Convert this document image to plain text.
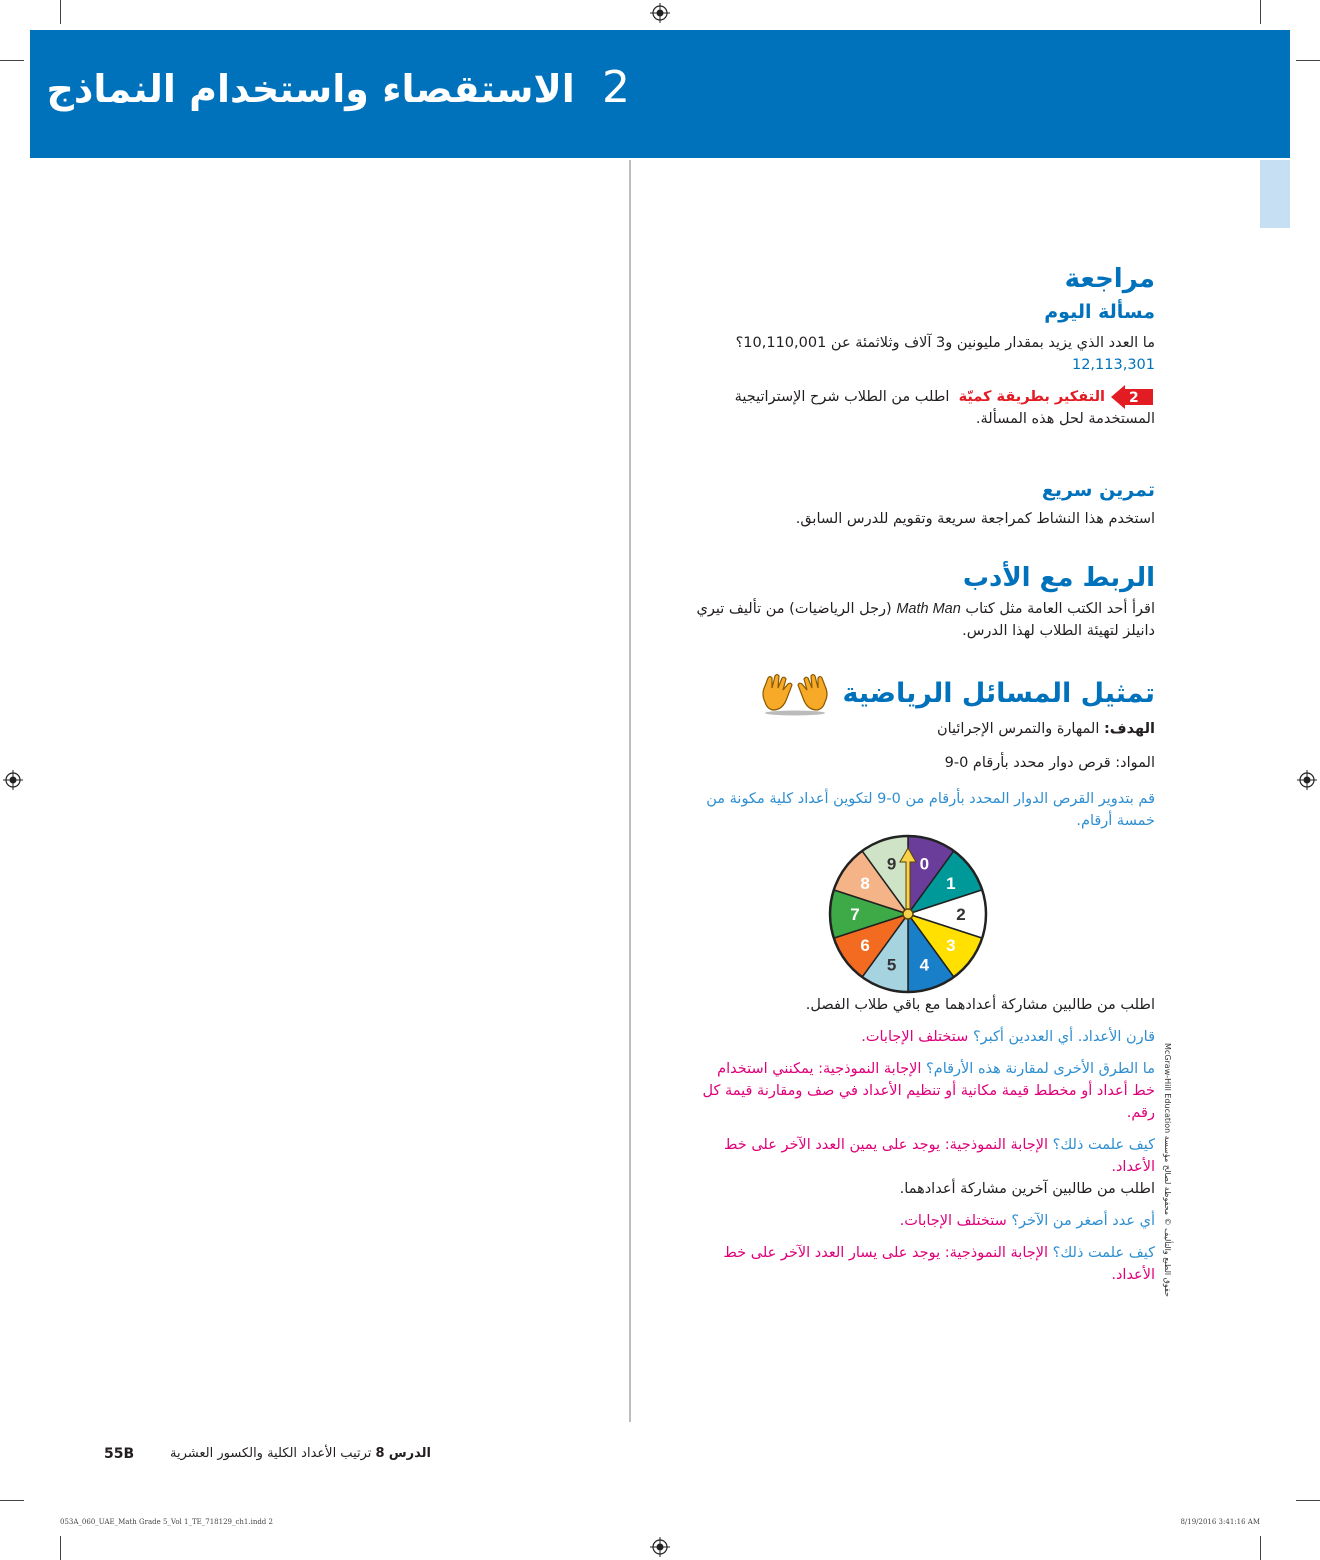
2 الاستقصاء واستخدام النماذج
مراجعة
مسألة اليوم

ما العدد الذي يزيد بمقدار مليونين و3 آلاف وثلاثمئة عن 10,110,001؟

12,113,301

2
التفكير بطريقة كميّة  اطلب من الطلاب شرح الإستراتيجية المستخدمة لحل هذه المسألة.

تمرين سريع

استخدم هذا النشاط كمراجعة سريعة وتقويم للدرس السابق.

الربط مع الأدب

اقرأ أحد الكتب العامة مثل كتاب Math Man (رجل الرياضيات) من تأليف تيري دانيلز لتهيئة الطلاب لهذا الدرس.

تمثيل المسائل الرياضية

الهدف: المهارة والتمرس الإجرائيان

المواد: قرص دوار محدد بأرقام 0-9

قم بتدوير القرص الدوار المحدد بأرقام من 0-9 لتكوين أعداد كلية مكونة من خمسة أرقام.

0
1
2
3
4
5
6
7
8
9

اطلب من طالبين مشاركة أعدادهما مع باقي طلاب الفصل.

قارن الأعداد. أي العددين أكبر؟ ستختلف الإجابات.

ما الطرق الأخرى لمقارنة هذه الأرقام؟ الإجابة النموذجية: يمكنني استخدام خط أعداد أو مخطط قيمة مكانية أو تنظيم الأعداد في صف ومقارنة قيمة كل رقم.

كيف علمت ذلك؟ الإجابة النموذجية: يوجد على يمين العدد الآخر على خط الأعداد.

اطلب من طالبين آخرين مشاركة أعدادهما.

أي عدد أصغر من الآخر؟ ستختلف الإجابات.

كيف علمت ذلك؟ الإجابة النموذجية: يوجد على يسار العدد الآخر على خط الأعداد.

حقوق الطبع والتأليف © محفوظة لصالح مؤسسة McGraw-Hill Education
55B	الدرس 8 ترتيب الأعداد الكلية والكسور العشرية
053A_060_UAE_Math Grade 5_Vol 1_TE_718129_ch1.indd 2	8/19/2016 3:41:16 AM
